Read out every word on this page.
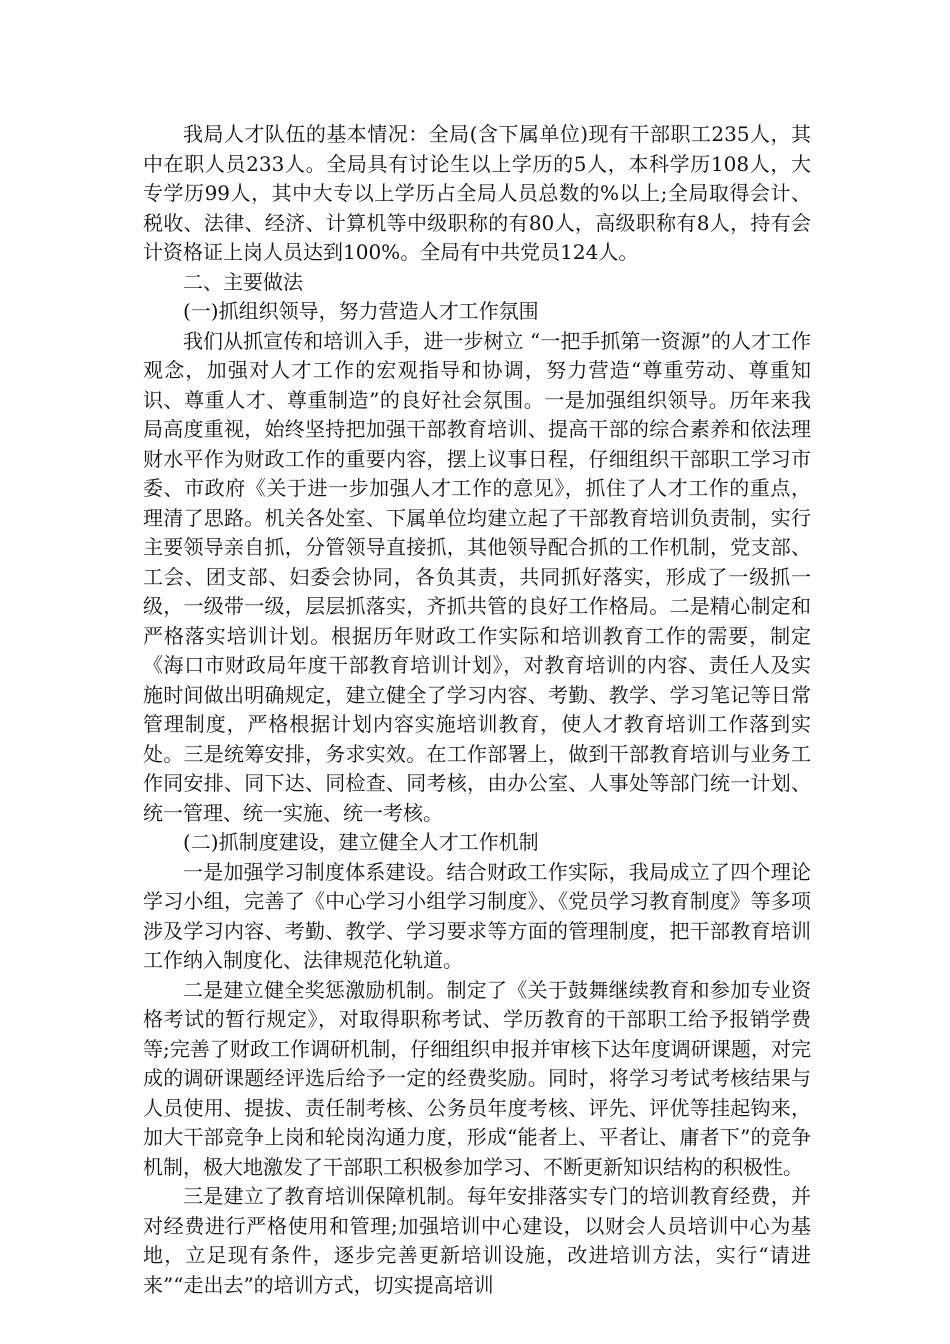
我局人才队伍的基本情况：全局(含下属单位)现有干部职工235人，其中在职人员233人。全局具有讨论生以上学历的5人，本科学历108人，大专学历99人，其中大专以上学历占全局人员总数的%以上;全局取得会计、税收、法律、经济、计算机等中级职称的有80人，高级职称有8人，持有会计资格证上岗人员达到100%。全局有中共党员124人。

二、主要做法

(一)抓组织领导，努力营造人才工作氛围

我们从抓宣传和培训入手，进一步树立 “一把手抓第一资源”的人才工作观念，加强对人才工作的宏观指导和协调，努力营造“尊重劳动、尊重知识、尊重人才、尊重制造”的良好社会氛围。一是加强组织领导。历年来我局高度重视，始终坚持把加强干部教育培训、提高干部的综合素养和依法理财水平作为财政工作的重要内容，摆上议事日程，仔细组织干部职工学习市委、市政府《关于进一步加强人才工作的意见》，抓住了人才工作的重点，理清了思路。机关各处室、下属单位均建立起了干部教育培训负责制，实行主要领导亲自抓，分管领导直接抓，其他领导配合抓的工作机制，党支部、工会、团支部、妇委会协同，各负其责，共同抓好落实，形成了一级抓一级，一级带一级，层层抓落实，齐抓共管的良好工作格局。二是精心制定和严格落实培训计划。根据历年财政工作实际和培训教育工作的需要，制定《海口市财政局年度干部教育培训计划》，对教育培训的内容、责任人及实施时间做出明确规定，建立健全了学习内容、考勤、教学、学习笔记等日常管理制度，严格根据计划内容实施培训教育，使人才教育培训工作落到实处。三是统筹安排，务求实效。在工作部署上，做到干部教育培训与业务工作同安排、同下达、同检查、同考核，由办公室、人事处等部门统一计划、统一管理、统一实施、统一考核。

(二)抓制度建设，建立健全人才工作机制

一是加强学习制度体系建设。结合财政工作实际，我局成立了四个理论学习小组，完善了《中心学习小组学习制度》、《党员学习教育制度》等多项涉及学习内容、考勤、教学、学习要求等方面的管理制度，把干部教育培训工作纳入制度化、法律规范化轨道。

二是建立健全奖惩激励机制。制定了《关于鼓舞继续教育和参加专业资格考试的暂行规定》，对取得职称考试、学历教育的干部职工给予报销学费等;完善了财政工作调研机制，仔细组织申报并审核下达年度调研课题，对完成的调研课题经评选后给予一定的经费奖励。同时，将学习考试考核结果与人员使用、提拔、责任制考核、公务员年度考核、评先、评优等挂起钩来，加大干部竞争上岗和轮岗沟通力度，形成“能者上、平者让、庸者下”的竞争机制，极大地激发了干部职工积极参加学习、不断更新知识结构的积极性。

三是建立了教育培训保障机制。每年安排落实专门的培训教育经费，并对经费进行严格使用和管理;加强培训中心建设，以财会人员培训中心为基地，立足现有条件，逐步完善更新培训设施，改进培训方法，实行“请进来”“走出去”的培训方式，切实提高培训
